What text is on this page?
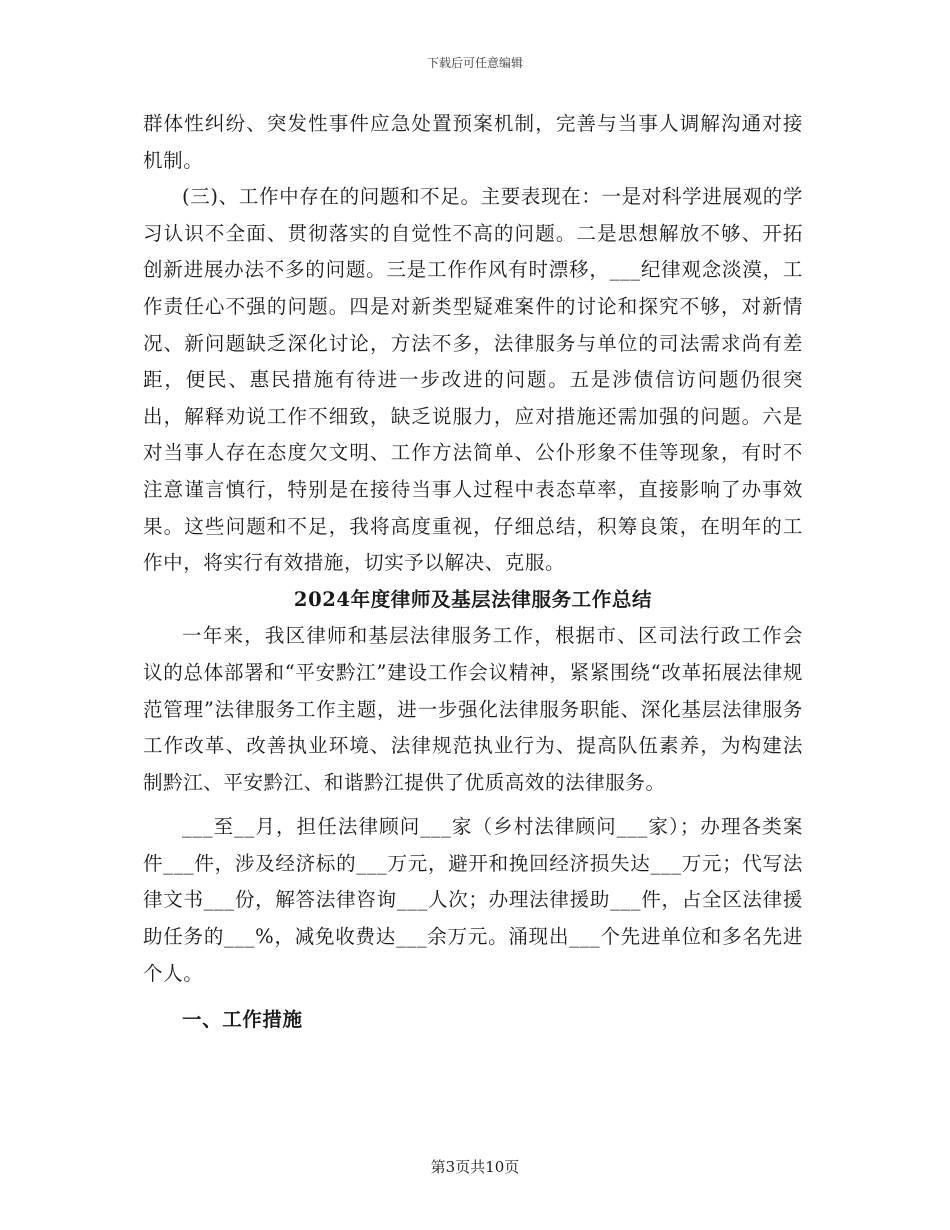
下载后可任意编辑

群体性纠纷、突发性事件应急处置预案机制，完善与当事人调解沟通对接机制。

(三)、工作中存在的问题和不足。主要表现在：一是对科学进展观的学习认识不全面、贯彻落实的自觉性不高的问题。二是思想解放不够、开拓创新进展办法不多的问题。三是工作作风有时漂移，___纪律观念淡漠，工作责任心不强的问题。四是对新类型疑难案件的讨论和探究不够，对新情况、新问题缺乏深化讨论，方法不多，法律服务与单位的司法需求尚有差距，便民、惠民措施有待进一步改进的问题。五是涉债信访问题仍很突出，解释劝说工作不细致，缺乏说服力，应对措施还需加强的问题。六是对当事人存在态度欠文明、工作方法简单、公仆形象不佳等现象，有时不注意谨言慎行，特别是在接待当事人过程中表态草率，直接影响了办事效果。这些问题和不足，我将高度重视，仔细总结，积筹良策，在明年的工作中，将实行有效措施，切实予以解决、克服。

2024年度律师及基层法律服务工作总结

一年来，我区律师和基层法律服务工作，根据市、区司法行政工作会议的总体部署和“平安黔江”建设工作会议精神，紧紧围绕“改革拓展法律规范管理”法律服务工作主题，进一步强化法律服务职能、深化基层法律服务工作改革、改善执业环境、法律规范执业行为、提高队伍素养，为构建法制黔江、平安黔江、和谐黔江提供了优质高效的法律服务。

___至__月，担任法律顾问___家（乡村法律顾问___家）；办理各类案件___件，涉及经济标的___万元，避开和挽回经济损失达___万元；代写法律文书___份，解答法律咨询___人次；办理法律援助___件，占全区法律援助任务的___%，减免收费达___余万元。涌现出___个先进单位和多名先进个人。

一、工作措施

第3页共10页
